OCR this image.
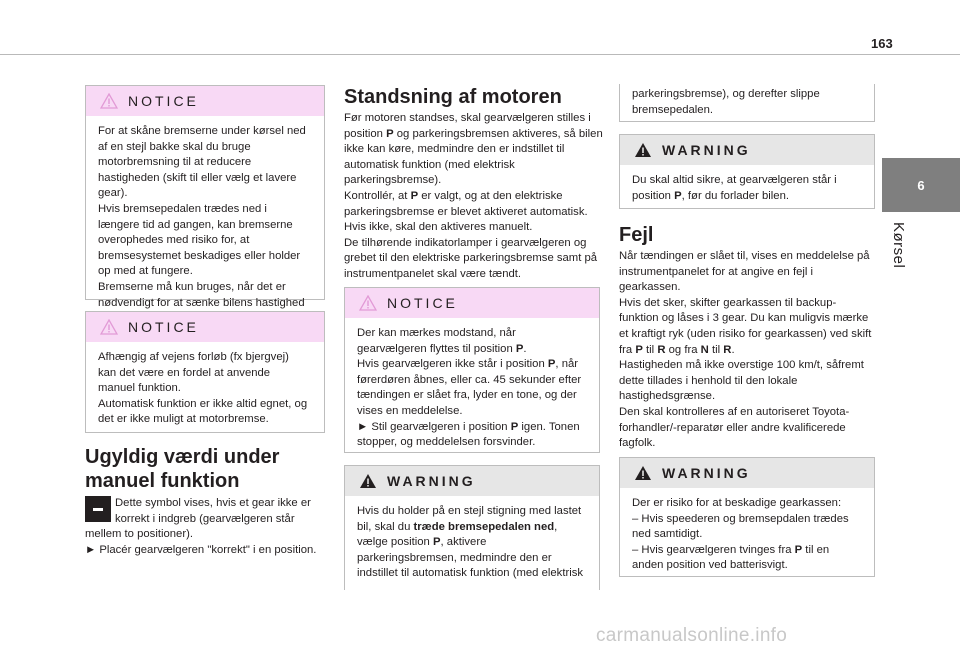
163
6
Kørsel
NOTICE

For at skåne bremserne under kørsel ned af en stejl bakke skal du bruge motorbremsning til at reducere hastigheden (skift til eller vælg et lavere gear).

Hvis bremsepedalen trædes ned i længere tid ad gangen, kan bremserne overophedes med risiko for, at bremsesystemet beskadiges eller holder op med at fungere.

Bremserne må kun bruges, når det er nødvendigt for at sænke bilens hastighed

NOTICE

Afhængig af vejens forløb (fx bjergvej) kan det være en fordel at anvende manuel funktion.

Automatisk funktion er ikke altid egnet, og det er ikke muligt at motorbremse.

Ugyldig værdi under manuel funktion

Dette symbol vises, hvis et gear ikke er korrekt i indgreb (gearvælgeren står mellem to positioner).

► Placér gearvælgeren "korrekt" i en position.

Standsning af motoren

Før motoren standses, skal gearvælgeren stilles i position P og parkeringsbremsen aktiveres, så bilen ikke kan køre, medmindre den er indstillet til automatisk funktion (med elektrisk parkeringsbremse).

Kontrollér, at P er valgt, og at den elektriske parkeringsbremse er blevet aktiveret automatisk.

Hvis ikke, skal den aktiveres manuelt.

De tilhørende indikatorlamper i gearvælgeren og grebet til den elektriske parkeringsbremse samt på instrumentpanelet skal være tændt.

NOTICE

Der kan mærkes modstand, når gearvælgeren flyttes til position P.

Hvis gearvælgeren ikke står i position P, når førerdøren åbnes, eller ca. 45 sekunder efter tændingen er slået fra, lyder en tone, og der vises en meddelelse.

► Stil gearvælgeren i position P igen. Tonen stopper, og meddelelsen forsvinder.

WARNING

Hvis du holder på en stejl stigning med lastet bil, skal du træde bremsepedalen ned, vælge position P, aktivere parkeringsbremsen, medmindre den er indstillet til automatisk funktion (med elektrisk

parkeringsbremse), og derefter slippe bremsepedalen.

WARNING

Du skal altid sikre, at gearvælgeren står i position P, før du forlader bilen.

Fejl

Når tændingen er slået til, vises en meddelelse på instrumentpanelet for at angive en fejl i gearkassen.

Hvis det sker, skifter gearkassen til backup-funktion og låses i 3 gear. Du kan muligvis mærke et kraftigt ryk (uden risiko for gearkassen) ved skift fra P til R og fra N til R.

Hastigheden må ikke overstige 100 km/t, såfremt dette tillades i henhold til den lokale hastighedsgrænse.

Den skal kontrolleres af en autoriseret Toyota-forhandler/-reparatør eller andre kvalificerede fagfolk.

WARNING

Der er risiko for at beskadige gearkassen:

– Hvis speederen og bremsepdalen trædes ned samtidigt.

– Hvis gearvælgeren tvinges fra P til en anden position ved batterisvigt.

carmanualsonline.info
